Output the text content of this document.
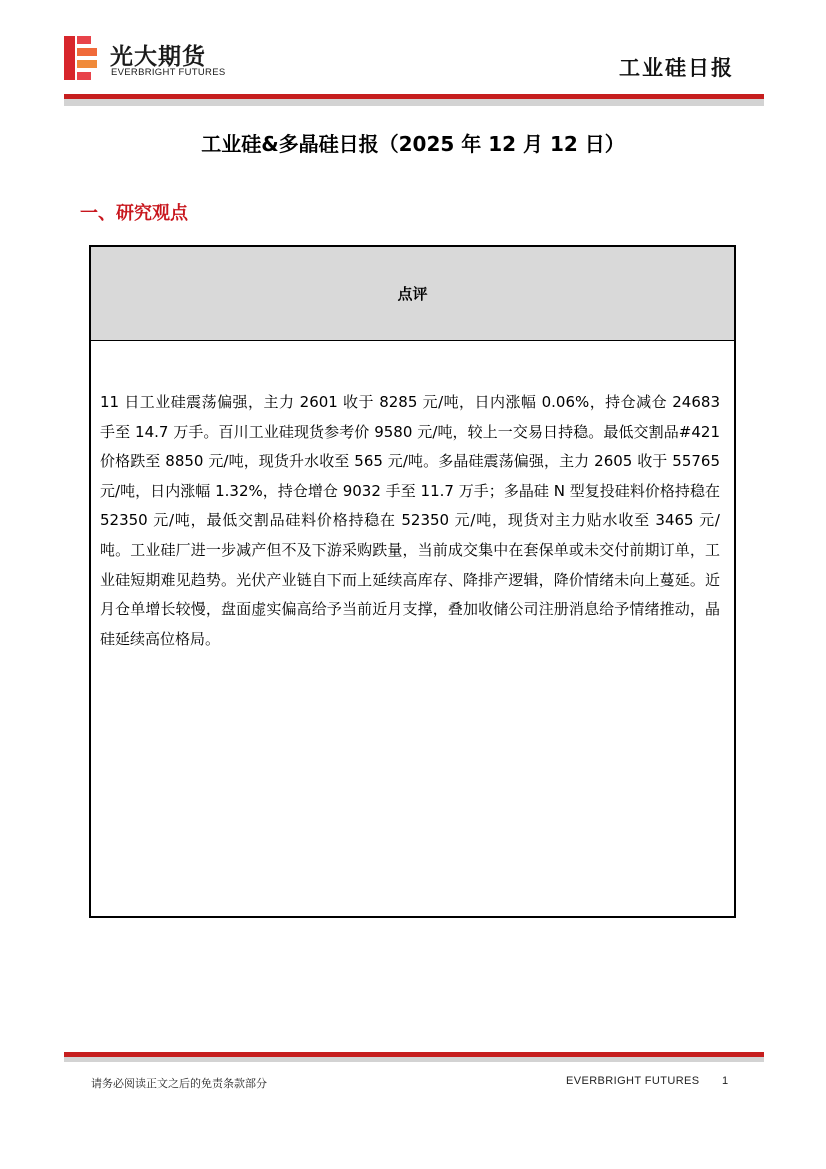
光大期货
EVERBRIGHT FUTURES	工业硅日报
工业硅&多晶硅日报（2025 年 12 月 12 日）
一、研究观点
点评
11 日工业硅震荡偏强，主力 2601 收于 8285 元/吨，日内涨幅 0.06%，持仓减仓 24683 手至 14.7 万手。百川工业硅现货参考价 9580 元/吨，较上一交易日持稳。最低交割品#421 价格跌至 8850 元/吨，现货升水收至 565 元/吨。多晶硅震荡偏强，主力 2605 收于 55765 元/吨，日内涨幅 1.32%，持仓增仓 9032 手至 11.7 万手；多晶硅 N 型复投硅料价格持稳在 52350 元/吨，最低交割品硅料价格持稳在 52350 元/吨，现货对主力贴水收至 3465 元/吨。工业硅厂进一步减产但不及下游采购跌量，当前成交集中在套保单或未交付前期订单，工业硅短期难见趋势。光伏产业链自下而上延续高库存、降排产逻辑，降价情绪未向上蔓延。近月仓单增长较慢，盘面虚实偏高给予当前近月支撑，叠加收储公司注册消息给予情绪推动，晶硅延续高位格局。
请务必阅读正文之后的免责条款部分	EVERBRIGHT FUTURES 1
